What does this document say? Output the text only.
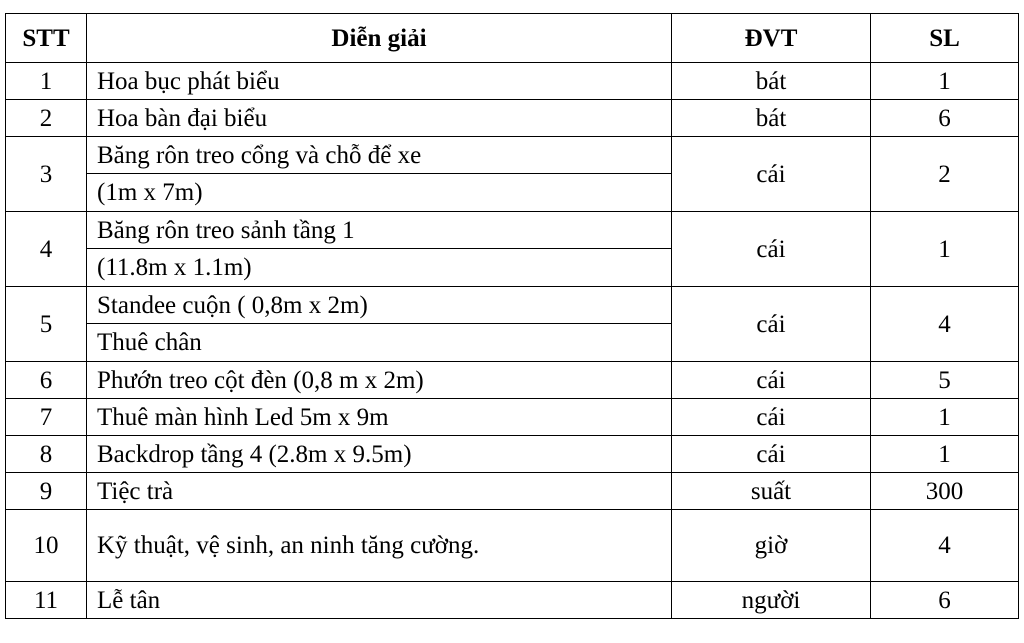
STT	Diễn giải	ĐVT	SL
1	Hoa bục phát biểu	bát	1
2	Hoa bàn đại biểu	bát	6
3	Băng rôn treo cổng và chỗ để xe	cái	2
	(1m x 7m)		
4	Băng rôn treo sảnh tầng 1	cái	1
	(11.8m x 1.1m)		
5	Standee cuộn ( 0,8m x 2m)	cái	4
	Thuê chân		
6	Phướn treo cột đèn (0,8 m x 2m)	cái	5
7	Thuê màn hình Led 5m x 9m	cái	1
8	Backdrop tầng 4 (2.8m x 9.5m)	cái	1
9	Tiệc trà	suất	300
10	Kỹ thuật, vệ sinh, an ninh tăng cường.	giờ	4
11	Lễ tân	người	6
